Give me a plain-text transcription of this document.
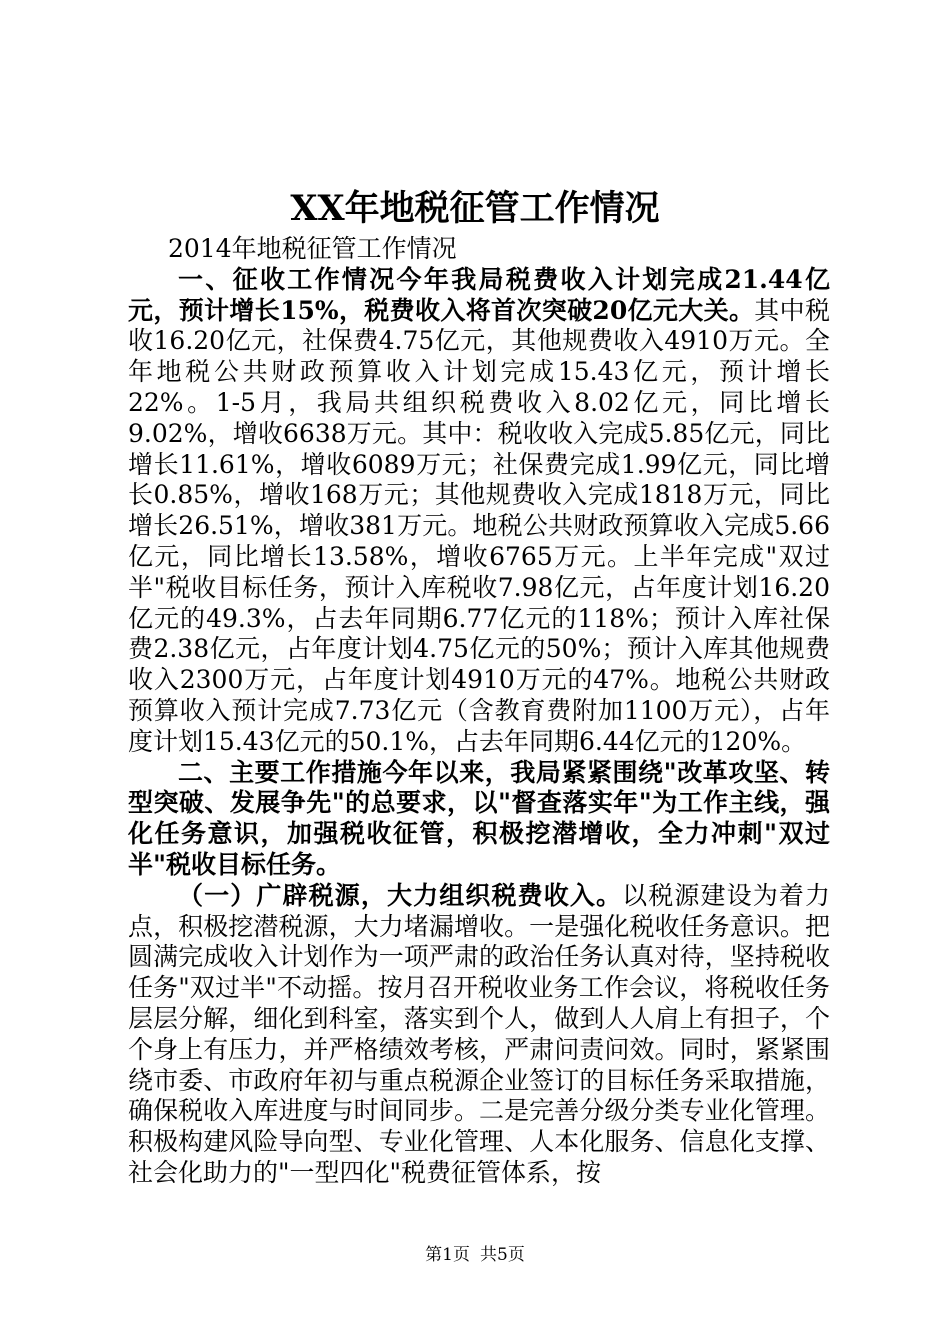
XX年地税征管工作情况

2014年地税征管工作情况

一、征收工作情况今年我局税费收入计划完成21.44亿元，预计增长15%，税费收入将首次突破20亿元大关。其中税收16.20亿元，社保费4.75亿元，其他规费收入4910万元。全年地税公共财政预算收入计划完成15.43亿元，预计增长22%。1-5月，我局共组织税费收入8.02亿元，同比增长9.02%，增收6638万元。其中：税收收入完成5.85亿元，同比增长11.61%，增收6089万元；社保费完成1.99亿元，同比增长0.85%，增收168万元；其他规费收入完成1818万元，同比增长26.51%，增收381万元。地税公共财政预算收入完成5.66亿元，同比增长13.58%，增收6765万元。上半年完成"双过半"税收目标任务，预计入库税收7.98亿元，占年度计划16.20亿元的49.3%，占去年同期6.77亿元的118%；预计入库社保费2.38亿元，占年度计划4.75亿元的50%；预计入库其他规费收入2300万元，占年度计划4910万元的47%。地税公共财政预算收入预计完成7.73亿元（含教育费附加1100万元），占年度计划15.43亿元的50.1%，占去年同期6.44亿元的120%。

二、主要工作措施今年以来，我局紧紧围绕"改革攻坚、转型突破、发展争先"的总要求，以"督查落实年"为工作主线，强化任务意识，加强税收征管，积极挖潜增收，全力冲刺"双过半"税收目标任务。

（一）广辟税源，大力组织税费收入。以税源建设为着力点，积极挖潜税源，大力堵漏增收。一是强化税收任务意识。把圆满完成收入计划作为一项严肃的政治任务认真对待，坚持税收任务"双过半"不动摇。按月召开税收业务工作会议，将税收任务层层分解，细化到科室，落实到个人，做到人人肩上有担子，个个身上有压力，并严格绩效考核，严肃问责问效。同时，紧紧围绕市委、市政府年初与重点税源企业签订的目标任务采取措施，确保税收入库进度与时间同步。二是完善分级分类专业化管理。积极构建风险导向型、专业化管理、人本化服务、信息化支撑、社会化助力的"一型四化"税费征管体系，按

第1页 共5页
